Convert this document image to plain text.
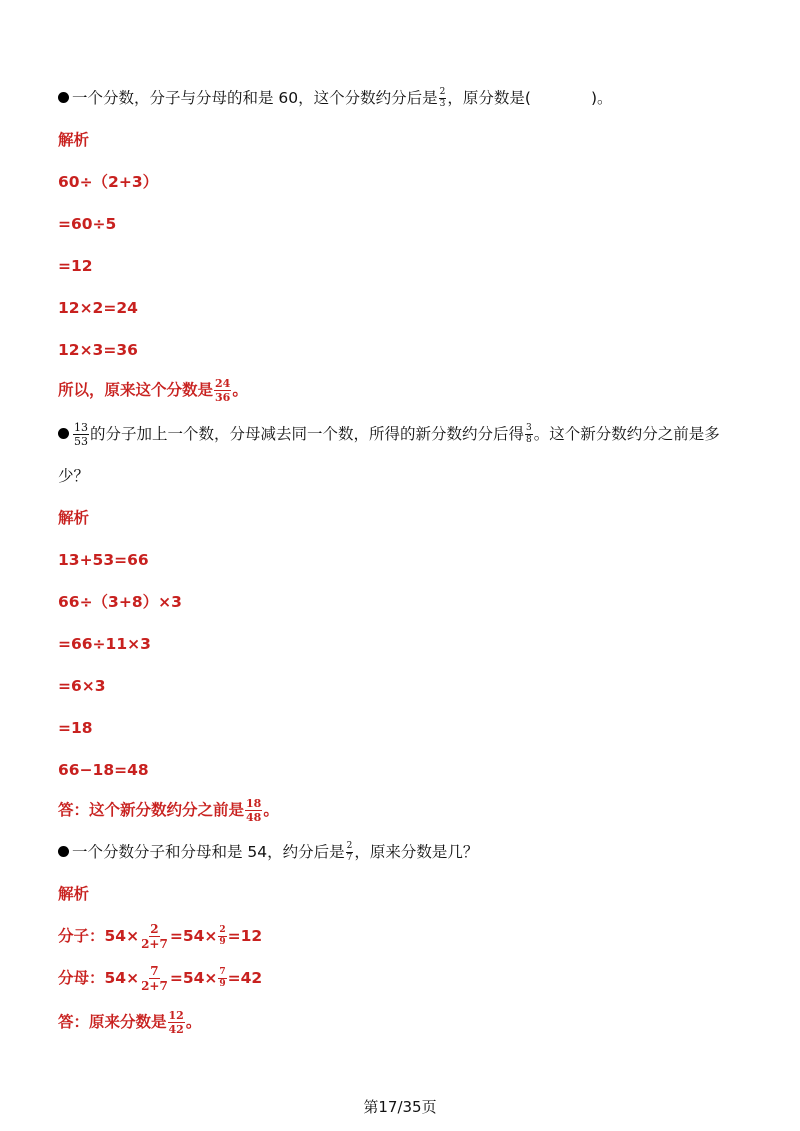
一个分数，分子与分母的和是 60，这个分数约分后是 $\frac{2}{3}$ ，原分数是(	)。
解析
60÷（2+3）
=60÷5
=12
12×2=24
12×3=36
所以，原来这个分数是 $\frac{24}{36}$ 。
$\frac{13}{53}$ 的分子加上一个数，分母减去同一个数，所得的新分数约分后得 $\frac{3}{8}$ 。这个新分数约分之前是多
少？
解析
13+53=66
66÷（3+8）×3
=66÷11×3
=6×3
=18
66−18=48
答：这个新分数约分之前是 $\frac{18}{48}$ 。
一个分数分子和分母和是 54，约分后是 $\frac{2}{7}$ ，原来分数是几？
解析
分子：$54\times \frac{2}{2+7} =54\times \frac{2}{9} =12$
分母：$54\times \frac{7}{2+7} =54\times \frac{7}{9} =42$
答：原来分数是 $\frac{12}{42}$ 。
第17/35页
